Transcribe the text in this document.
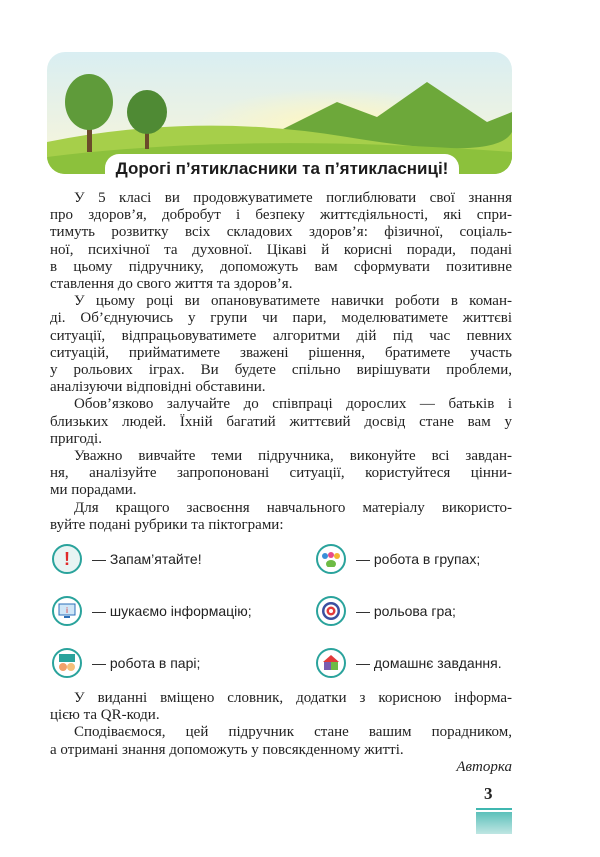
Дорогі п’ятикласники та п’ятикласниці!
У 5 класі ви продовжуватимете поглиблювати свої знання
про здоров’я, добробут і безпеку життєдіяльності, які спри-
тимуть розвитку всіх складових здоров’я: фізичної, соціаль-
ної, психічної та духовної. Цікаві й корисні поради, подані
в цьому підручнику, допоможуть вам сформувати позитивне
ставлення до свого життя та здоров’я.
У цьому році ви опановуватимете навички роботи в коман-
ді. Об’єднуючись у групи чи пари, моделюватимете життєві
ситуації, відпрацьовуватимете алгоритми дій під час певних
ситуацій, прийматимете зважені рішення, братимете участь
у рольових іграх. Ви будете спільно вирішувати проблеми,
аналізуючи відповідні обставини.
Обов’язково залучайте до співпраці дорослих — батьків і
близьких людей. Їхній багатий життєвий досвід стане вам у
пригоді.
Уважно вивчайте теми підручника, виконуйте всі завдан-
ня, аналізуйте запропоновані ситуації, користуйтеся цінни-
ми порадами.
Для кращого засвоєння навчального матеріалу використо-
вуйте подані рубрики та піктограми:
! — Запам’ятайте!	— робота в групах;
i — шукаємо інформацію;	— рольова гра;
— робота в парі;	— домашнє завдання.
У виданні вміщено словник, додатки з корисною інформа-
цією та QR-коди.
Сподіваємося, цей підручник стане вашим порадником,
а отримані знання допоможуть у повсякденному житті.
Авторка
3
